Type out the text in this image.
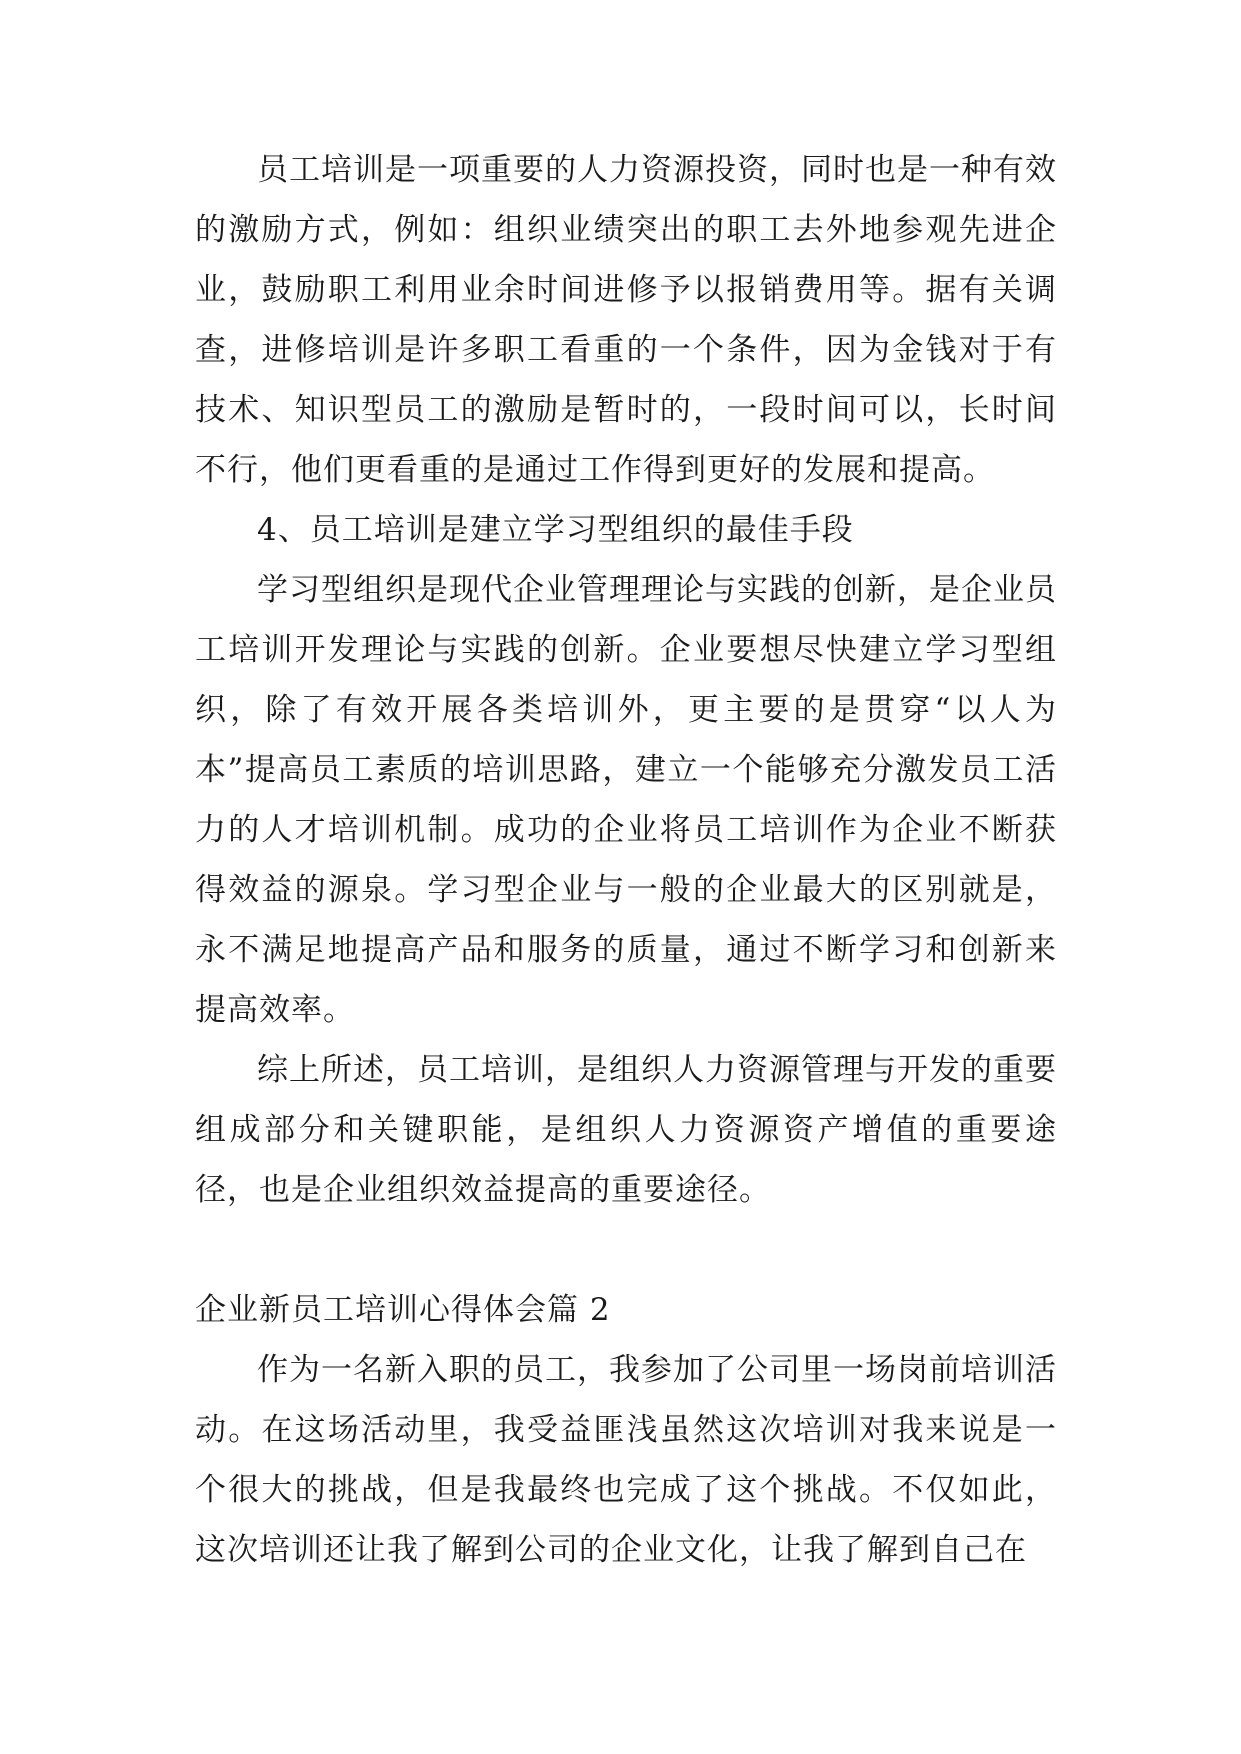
员工培训是一项重要的人力资源投资，同时也是一种有效的激励方式，例如：组织业绩突出的职工去外地参观先进企业，鼓励职工利用业余时间进修予以报销费用等。据有关调查，进修培训是许多职工看重的一个条件，因为金钱对于有技术、知识型员工的激励是暂时的，一段时间可以，长时间不行，他们更看重的是通过工作得到更好的发展和提高。

4、员工培训是建立学习型组织的最佳手段

学习型组织是现代企业管理理论与实践的创新，是企业员工培训开发理论与实践的创新。企业要想尽快建立学习型组织，除了有效开展各类培训外，更主要的是贯穿“以人为本”提高员工素质的培训思路，建立一个能够充分激发员工活力的人才培训机制。成功的企业将员工培训作为企业不断获得效益的源泉。学习型企业与一般的企业最大的区别就是，永不满足地提高产品和服务的质量，通过不断学习和创新来提高效率。

综上所述，员工培训，是组织人力资源管理与开发的重要组成部分和关键职能，是组织人力资源资产增值的重要途径，也是企业组织效益提高的重要途径。

企业新员工培训心得体会篇 2

作为一名新入职的员工，我参加了公司里一场岗前培训活动。在这场活动里，我受益匪浅虽然这次培训对我来说是一个很大的挑战，但是我最终也完成了这个挑战。不仅如此，这次培训还让我了解到公司的企业文化，让我了解到自己在
